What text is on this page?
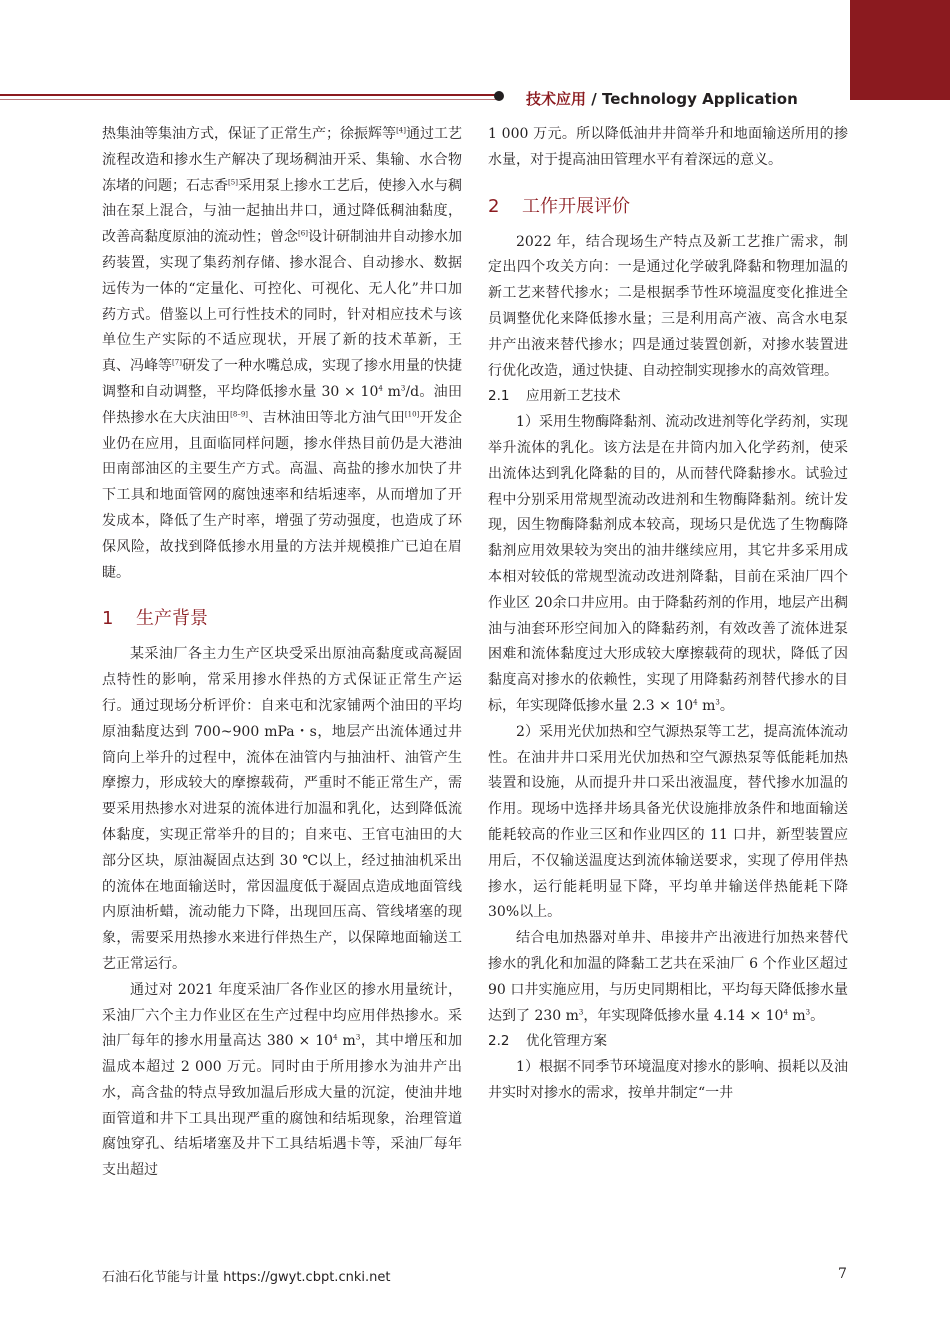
技术应用 / Technology Application

热集油等集油方式，保证了正常生产；徐振辉等[4]通过工艺流程改造和掺水生产解决了现场稠油开采、集输、水合物冻堵的问题；石志香[5]采用泵上掺水工艺后，使掺入水与稠油在泵上混合，与油一起抽出井口，通过降低稠油黏度，改善高黏度原油的流动性；曾念[6]设计研制油井自动掺水加药装置，实现了集药剂存储、掺水混合、自动掺水、数据远传为一体的“定量化、可控化、可视化、无人化”井口加药方式。借鉴以上可行性技术的同时，针对相应技术与该单位生产实际的不适应现状，开展了新的技术革新，王真、冯峰等[7]研发了一种水嘴总成，实现了掺水用量的快捷调整和自动调整，平均降低掺水量 $30 \times 10^4$ $m^3/d$。油田伴热掺水在大庆油田[8–9]、吉林油田等北方油气田[10]开发企业仍在应用，且面临同样问题，掺水伴热目前仍是大港油田南部油区的主要生产方式。高温、高盐的掺水加快了井下工具和地面管网的腐蚀速率和结垢速率，从而增加了开发成本，降低了生产时率，增强了劳动强度，也造成了环保风险，故找到降低掺水用量的方法并规模推广已迫在眉睫。

1 生产背景

某采油厂各主力生产区块受采出原油高黏度或高凝固点特性的影响，常采用掺水伴热的方式保证正常生产运行。通过现场分析评价：自来屯和沈家铺两个油田的平均原油黏度达到 700~900 mPa・s，地层产出流体通过井筒向上举升的过程中，流体在油管内与抽油杆、油管产生摩擦力，形成较大的摩擦载荷，严重时不能正常生产，需要采用热掺水对进泵的流体进行加温和乳化，达到降低流体黏度，实现正常举升的目的；自来屯、王官屯油田的大部分区块，原油凝固点达到 30 ℃以上，经过抽油机采出的流体在地面输送时，常因温度低于凝固点造成地面管线内原油析蜡，流动能力下降，出现回压高、管线堵塞的现象，需要采用热掺水来进行伴热生产，以保障地面输送工艺正常运行。

通过对 2021 年度采油厂各作业区的掺水用量统计，采油厂六个主力作业区在生产过程中均应用伴热掺水。采油厂每年的掺水用量高达 $380 \times 10^4$ $m^3$，其中增压和加温成本超过 2 000 万元。同时由于所用掺水为油井产出水，高含盐的特点导致加温后形成大量的沉淀，使油井地面管道和井下工具出现严重的腐蚀和结垢现象，治理管道腐蚀穿孔、结垢堵塞及井下工具结垢遇卡等，采油厂每年支出超过

1 000 万元。所以降低油井井筒举升和地面输送所用的掺水量，对于提高油田管理水平有着深远的意义。

2 工作开展评价

2022 年，结合现场生产特点及新工艺推广需求，制定出四个攻关方向：一是通过化学破乳降黏和物理加温的新工艺来替代掺水；二是根据季节性环境温度变化推进全员调整优化来降低掺水量；三是利用高产液、高含水电泵井产出液来替代掺水；四是通过装置创新，对掺水装置进行优化改造，通过快捷、自动控制实现掺水的高效管理。

2.1 应用新工艺技术

1）采用生物酶降黏剂、流动改进剂等化学药剂，实现举升流体的乳化。该方法是在井筒内加入化学药剂，使采出流体达到乳化降黏的目的，从而替代降黏掺水。试验过程中分别采用常规型流动改进剂和生物酶降黏剂。统计发现，因生物酶降黏剂成本较高，现场只是优选了生物酶降黏剂应用效果较为突出的油井继续应用，其它井多采用成本相对较低的常规型流动改进剂降黏，目前在采油厂四个作业区 20余口井应用。由于降黏药剂的作用，地层产出稠油与油套环形空间加入的降黏药剂，有效改善了流体进泵困难和流体黏度过大形成较大摩擦载荷的现状，降低了因黏度高对掺水的依赖性，实现了用降黏药剂替代掺水的目标，年实现降低掺水量 $2.3 \times 10^4$ $m^3$。

2）采用光伏加热和空气源热泵等工艺，提高流体流动性。在油井井口采用光伏加热和空气源热泵等低能耗加热装置和设施，从而提升井口采出液温度，替代掺水加温的作用。现场中选择井场具备光伏设施排放条件和地面输送能耗较高的作业三区和作业四区的 11 口井，新型装置应用后，不仅输送温度达到流体输送要求，实现了停用伴热掺水，运行能耗明显下降，平均单井输送伴热能耗下降 30%以上。

结合电加热器对单井、串接井产出液进行加热来替代掺水的乳化和加温的降黏工艺共在采油厂 6 个作业区超过 90 口井实施应用，与历史同期相比，平均每天降低掺水量达到了 230 $m^3$，年实现降低掺水量 $4.14 \times 10^4$ $m^3$。

2.2 优化管理方案

1）根据不同季节环境温度对掺水的影响、损耗以及油井实时对掺水的需求，按单井制定“一井

石油石化节能与计量 https://gwyt.cbpt.cnki.net	7
